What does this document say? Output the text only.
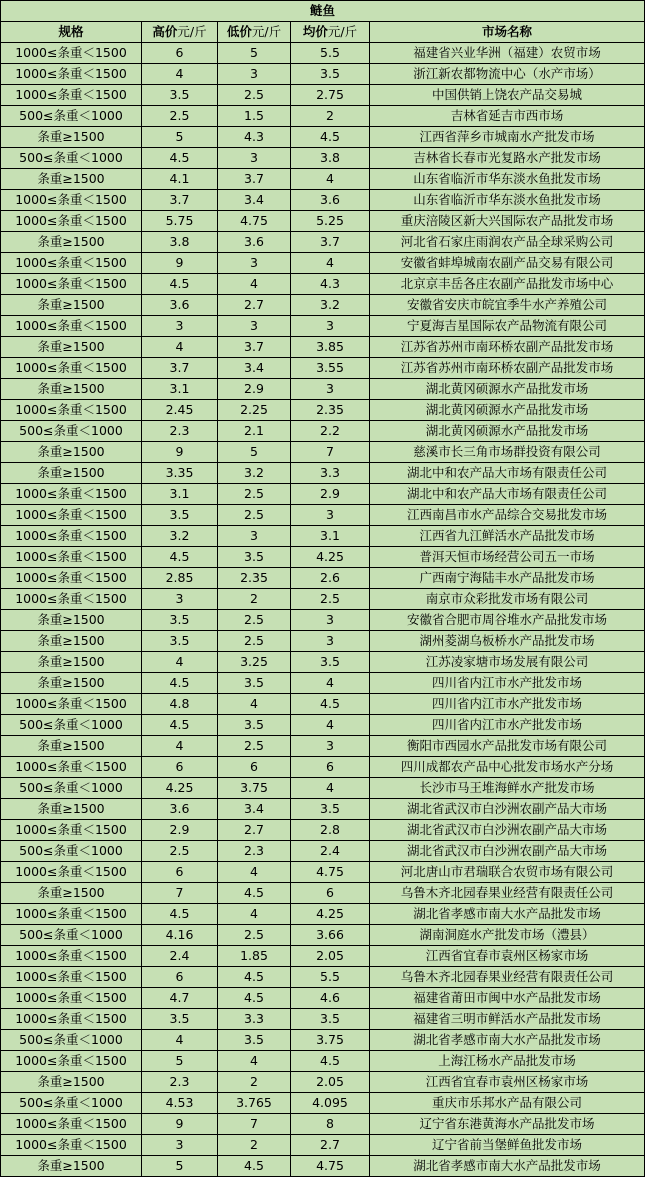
鲢鱼				
规格	高价元/斤	低价元/斤	均价元/斤	市场名称
1000≤条重＜1500	6	5	5.5	福建省兴业华洲（福建）农贸市场
1000≤条重＜1500	4	3	3.5	浙江新农都物流中心（水产市场）
1000≤条重＜1500	3.5	2.5	2.75	中国供销上饶农产品交易城
500≤条重＜1000	2.5	1.5	2	吉林省延吉市西市场
条重≥1500	5	4.3	4.5	江西省萍乡市城南水产批发市场
500≤条重＜1000	4.5	3	3.8	吉林省长春市光复路水产批发市场
条重≥1500	4.1	3.7	4	山东省临沂市华东淡水鱼批发市场
1000≤条重＜1500	3.7	3.4	3.6	山东省临沂市华东淡水鱼批发市场
1000≤条重＜1500	5.75	4.75	5.25	重庆涪陵区新大兴国际农产品批发市场
条重≥1500	3.8	3.6	3.7	河北省石家庄雨润农产品全球采购公司
1000≤条重＜1500	9	3	4	安徽省蚌埠城南农副产品交易有限公司
1000≤条重＜1500	4.5	4	4.3	北京京丰岳各庄农副产品批发市场中心
条重≥1500	3.6	2.7	3.2	安徽省安庆市皖宜季牛水产养殖公司
1000≤条重＜1500	3	3	3	宁夏海吉星国际农产品物流有限公司
条重≥1500	4	3.7	3.85	江苏省苏州市南环桥农副产品批发市场
1000≤条重＜1500	3.7	3.4	3.55	江苏省苏州市南环桥农副产品批发市场
条重≥1500	3.1	2.9	3	湖北黄冈硕源水产品批发市场
1000≤条重＜1500	2.45	2.25	2.35	湖北黄冈硕源水产品批发市场
500≤条重＜1000	2.3	2.1	2.2	湖北黄冈硕源水产品批发市场
条重≥1500	9	5	7	慈溪市长三角市场群投资有限公司
条重≥1500	3.35	3.2	3.3	湖北中和农产品大市场有限责任公司
1000≤条重＜1500	3.1	2.5	2.9	湖北中和农产品大市场有限责任公司
1000≤条重＜1500	3.5	2.5	3	江西南昌市水产品综合交易批发市场
1000≤条重＜1500	3.2	3	3.1	江西省九江鲜活水产品批发市场
1000≤条重＜1500	4.5	3.5	4.25	普洱天恒市场经营公司五一市场
1000≤条重＜1500	2.85	2.35	2.6	广西南宁海陆丰水产品批发市场
1000≤条重＜1500	3	2	2.5	南京市众彩批发市场有限公司
条重≥1500	3.5	2.5	3	安徽省合肥市周谷堆水产品批发市场
条重≥1500	3.5	2.5	3	湖州菱湖乌板桥水产品批发市场
条重≥1500	4	3.25	3.5	江苏凌家塘市场发展有限公司
条重≥1500	4.5	3.5	4	四川省内江市水产批发市场
1000≤条重＜1500	4.8	4	4.5	四川省内江市水产批发市场
500≤条重＜1000	4.5	3.5	4	四川省内江市水产批发市场
条重≥1500	4	2.5	3	衡阳市西园水产品批发市场有限公司
1000≤条重＜1500	6	6	6	四川成都农产品中心批发市场水产分场
500≤条重＜1000	4.25	3.75	4	长沙市马王堆海鲜水产批发市场
条重≥1500	3.6	3.4	3.5	湖北省武汉市白沙洲农副产品大市场
1000≤条重＜1500	2.9	2.7	2.8	湖北省武汉市白沙洲农副产品大市场
500≤条重＜1000	2.5	2.3	2.4	湖北省武汉市白沙洲农副产品大市场
1000≤条重＜1500	6	4	4.75	河北唐山市君瑞联合农贸市场有限公司
条重≥1500	7	4.5	6	乌鲁木齐北园春果业经营有限责任公司
1000≤条重＜1500	4.5	4	4.25	湖北省孝感市南大水产品批发市场
500≤条重＜1000	4.16	2.5	3.66	湖南洞庭水产批发市场（澧县）
1000≤条重＜1500	2.4	1.85	2.05	江西省宜春市袁州区杨家市场
1000≤条重＜1500	6	4.5	5.5	乌鲁木齐北园春果业经营有限责任公司
1000≤条重＜1500	4.7	4.5	4.6	福建省莆田市闽中水产品批发市场
1000≤条重＜1500	3.5	3.3	3.5	福建省三明市鲜活水产品批发市场
500≤条重＜1000	4	3.5	3.75	湖北省孝感市南大水产品批发市场
1000≤条重＜1500	5	4	4.5	上海江杨水产品批发市场
条重≥1500	2.3	2	2.05	江西省宜春市袁州区杨家市场
500≤条重＜1000	4.53	3.765	4.095	重庆市乐邦水产品有限公司
1000≤条重＜1500	9	7	8	辽宁省东港黄海水产品批发市场
1000≤条重＜1500	3	2	2.7	辽宁省前当堡鲜鱼批发市场
条重≥1500	5	4.5	4.75	湖北省孝感市南大水产品批发市场
